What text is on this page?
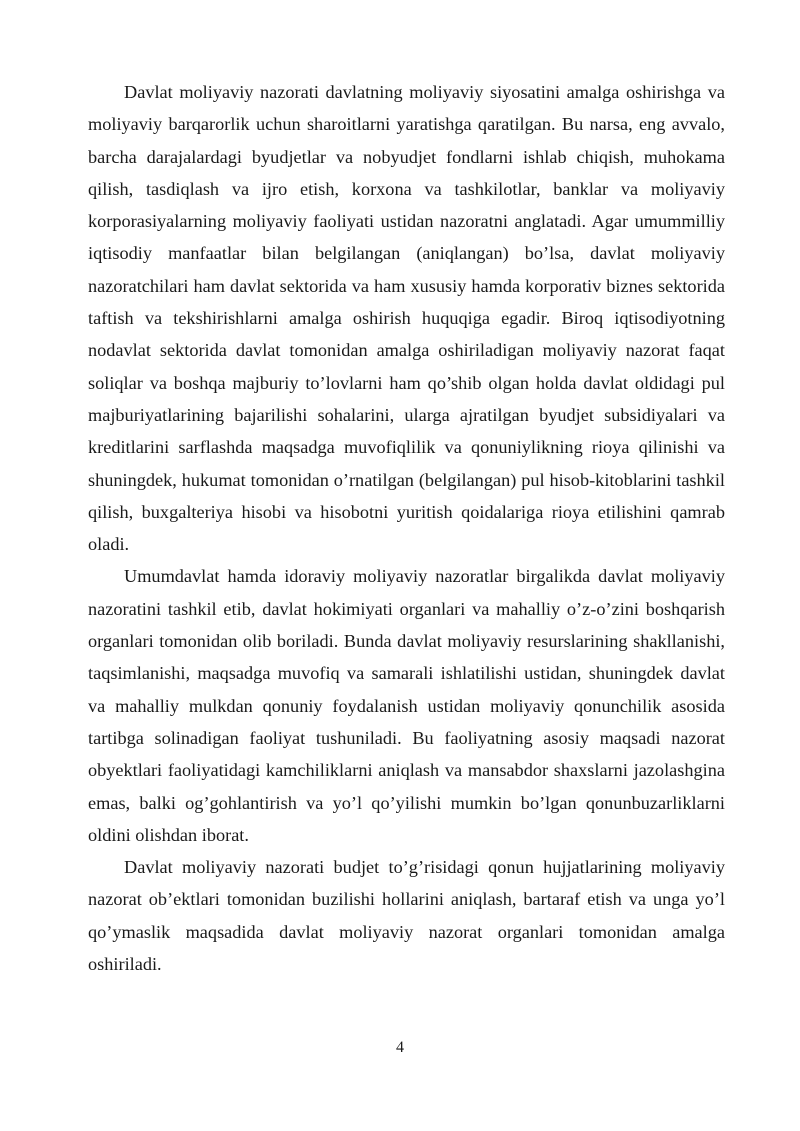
Davlat moliyaviy nazorati davlatning moliyaviy siyosatini amalga oshirishga va moliyaviy barqarorlik uchun sharoitlarni yaratishga qaratilgan. Bu narsa, eng avvalo, barcha darajalardagi byudjetlar va nobyudjet fondlarni ishlab chiqish, muhokama qilish, tasdiqlash va ijro etish, korxona va tashkilotlar, banklar va moliyaviy korporasiyalarning moliyaviy faoliyati ustidan nazoratni anglatadi. Agar umummilliy iqtisodiy manfaatlar bilan belgilangan (aniqlangan) bo’lsa, davlat moliyaviy nazoratchilari ham davlat sektorida va ham xususiy hamda korporativ biznes sektorida taftish va tekshirishlarni amalga oshirish huquqiga egadir. Biroq iqtisodiyotning nodavlat sektorida davlat tomonidan amalga oshiriladigan moliyaviy nazorat faqat soliqlar va boshqa majburiy to’lovlarni ham qo’shib olgan holda davlat oldidagi pul majburiyatlarining bajarilishi sohalarini, ularga ajratilgan byudjet subsidiyalari va kreditlarini sarflashda maqsadga muvofiqlilik va qonuniylikning rioya qilinishi va shuningdek, hukumat tomonidan o’rnatilgan (belgilangan) pul hisob-kitoblarini tashkil qilish, buxgalteriya hisobi va hisobotni yuritish qoidalariga rioya etilishini qamrab oladi.

Umumdavlat hamda idoraviy moliyaviy nazoratlar birgalikda davlat moliyaviy nazoratini tashkil etib, davlat hokimiyati organlari va mahalliy o’z-o’zini boshqarish organlari tomonidan olib boriladi. Bunda davlat moliyaviy resurslarining shakllanishi, taqsimlanishi, maqsadga muvofiq va samarali ishlatilishi ustidan, shuningdek davlat va mahalliy mulkdan qonuniy foydalanish ustidan moliyaviy qonunchilik asosida tartibga solinadigan faoliyat tushuniladi. Bu faoliyatning asosiy maqsadi nazorat obyektlari faoliyatidagi kamchiliklarni aniqlash va mansabdor shaxslarni jazolashgina emas, balki og’gohlantirish va yo’l qo’yilishi mumkin bo’lgan qonunbuzarliklarni oldini olishdan iborat.

Davlat moliyaviy nazorati budjet to’g’risidagi qonun hujjatlarining moliyaviy nazorat ob’ektlari tomonidan buzilishi hollarini aniqlash, bartaraf etish va unga yo’l qo’ymaslik maqsadida davlat moliyaviy nazorat organlari tomonidan amalga oshiriladi.

4
